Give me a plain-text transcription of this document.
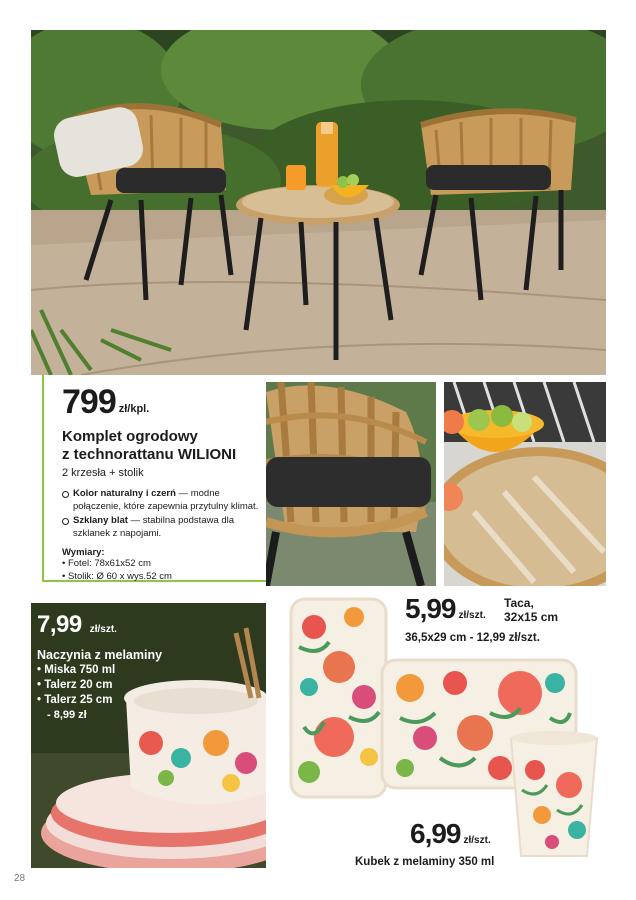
799 zł/kpl.
Komplet ogrodowy
z technorattanu WILIONI
2 krzesła + stolik
Kolor naturalny i czerń — modne połączenie, które zapewnia przytulny klimat.
Szklany blat — stabilna podstawa dla szklanek z napojami.
Wymiary:
• Fotel: 78x61x52 cm
• Stolik: Ø 60 x wys.52 cm
7,99 zł/szt.
Naczynia z melaminy
• Miska 750 ml
• Talerz 20 cm
• Talerz 25 cm
- 8,99 zł
5,99 zł/szt.
Taca,
32x15 cm
36,5x29 cm - 12,99 zł/szt.
6,99 zł/szt.
Kubek z melaminy 350 ml
28
